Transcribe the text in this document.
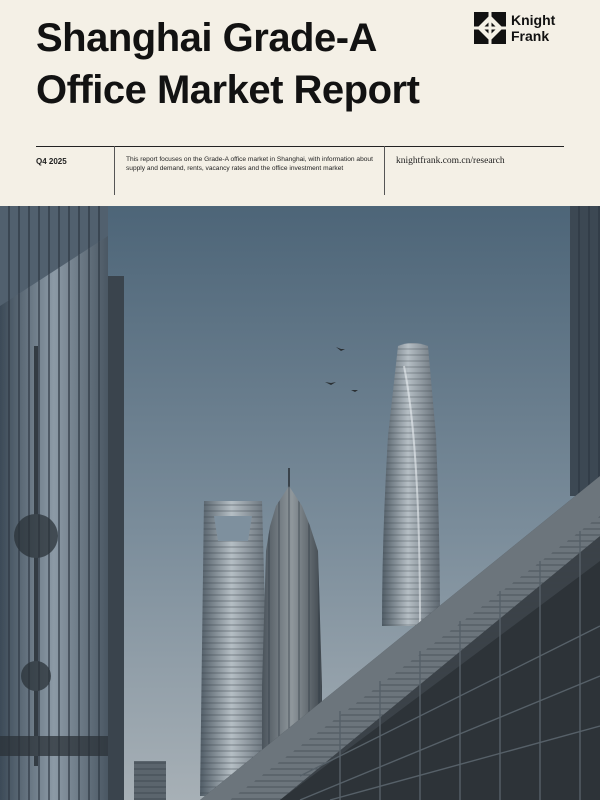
Shanghai Grade-A
Office Market Report
Knight
Frank
Q4 2025	This report focuses on the Grade-A office market in Shanghai, with information about supply and demand, rents, vacancy rates and the office investment market

knightfrank.com.cn/research
